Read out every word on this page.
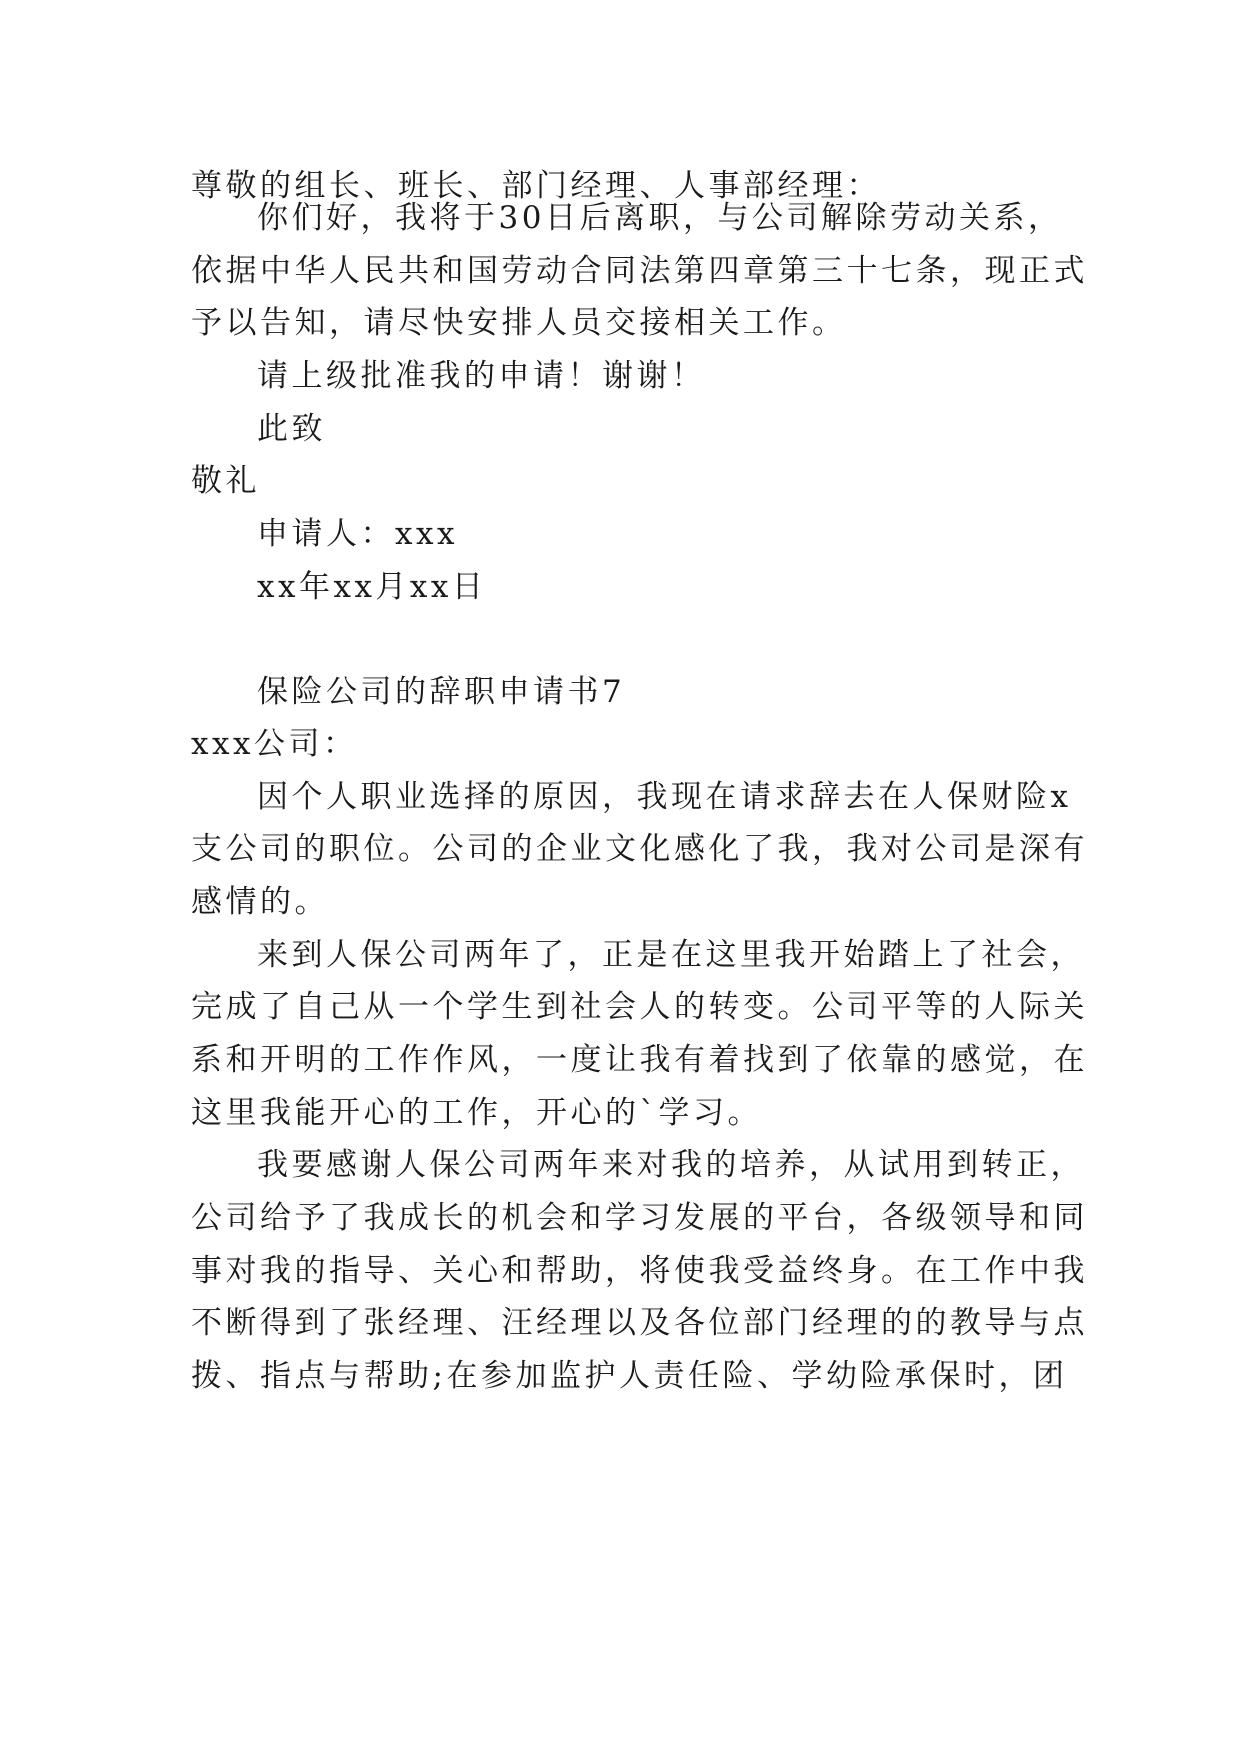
尊敬的组长、班长、部门经理、人事部经理：
你们好，我将于30日后离职，与公司解除劳动关系，
依据中华人民共和国劳动合同法第四章第三十七条，现正式
予以告知，请尽快安排人员交接相关工作。
请上级批准我的申请！谢谢！
此致
敬礼
申请人：xxx
xx年xx月xx日
保险公司的辞职申请书7
xxx公司：
因个人职业选择的原因，我现在请求辞去在人保财险x
支公司的职位。公司的企业文化感化了我，我对公司是深有
感情的。
来到人保公司两年了，正是在这里我开始踏上了社会，
完成了自己从一个学生到社会人的转变。公司平等的人际关
系和开明的工作作风，一度让我有着找到了依靠的感觉，在
这里我能开心的工作，开心的`学习。
我要感谢人保公司两年来对我的培养，从试用到转正，
公司给予了我成长的机会和学习发展的平台，各级领导和同
事对我的指导、关心和帮助，将使我受益终身。在工作中我
不断得到了张经理、汪经理以及各位部门经理的的教导与点
拨、指点与帮助;在参加监护人责任险、学幼险承保时，团
